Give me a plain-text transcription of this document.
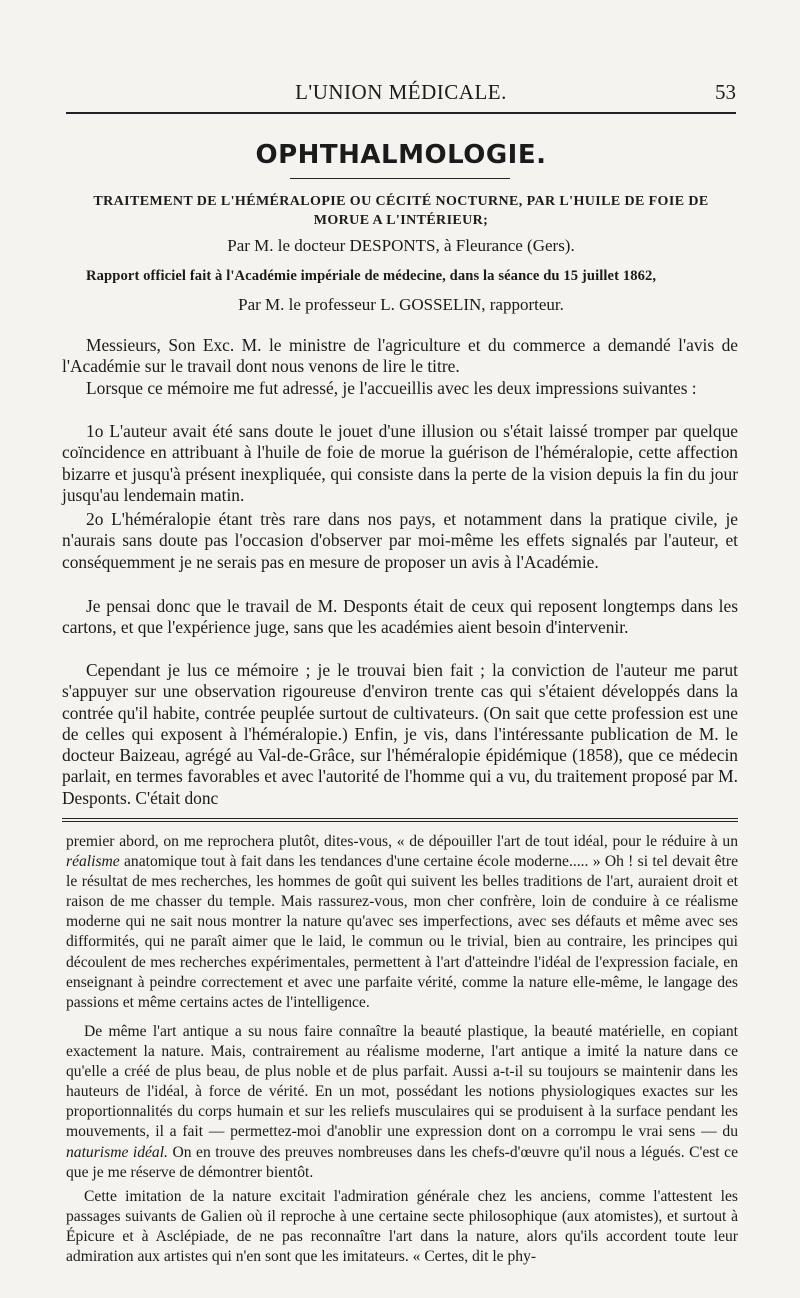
L'UNION MÉDICALE.	53
OPHTHALMOLOGIE.
TRAITEMENT DE L'HÉMÉRALOPIE OU CÉCITÉ NOCTURNE, PAR L'HUILE DE FOIE DE MORUE A L'INTÉRIEUR;
Par M. le docteur DESPONTS, à Fleurance (Gers).
Rapport officiel fait à l'Académie impériale de médecine, dans la séance du 15 juillet 1862,
Par M. le professeur L. GOSSELIN, rapporteur.

Messieurs, Son Exc. M. le ministre de l'agriculture et du commerce a demandé l'avis de l'Académie sur le travail dont nous venons de lire le titre.

Lorsque ce mémoire me fut adressé, je l'accueillis avec les deux impressions suivantes :

1o L'auteur avait été sans doute le jouet d'une illusion ou s'était laissé tromper par quelque coïncidence en attribuant à l'huile de foie de morue la guérison de l'héméralopie, cette affection bizarre et jusqu'à présent inexpliquée, qui consiste dans la perte de la vision depuis la fin du jour jusqu'au lendemain matin.

2o L'héméralopie étant très rare dans nos pays, et notamment dans la pratique civile, je n'aurais sans doute pas l'occasion d'observer par moi-même les effets signalés par l'auteur, et conséquemment je ne serais pas en mesure de proposer un avis à l'Académie.

Je pensai donc que le travail de M. Desponts était de ceux qui reposent longtemps dans les cartons, et que l'expérience juge, sans que les académies aient besoin d'intervenir.

Cependant je lus ce mémoire ; je le trouvai bien fait ; la conviction de l'auteur me parut s'appuyer sur une observation rigoureuse d'environ trente cas qui s'étaient développés dans la contrée qu'il habite, contrée peuplée surtout de cultivateurs. (On sait que cette profession est une de celles qui exposent à l'héméralopie.) Enfin, je vis, dans l'intéressante publication de M. le docteur Baizeau, agrégé au Val-de-Grâce, sur l'héméralopie épidémique (1858), que ce médecin parlait, en termes favorables et avec l'autorité de l'homme qui a vu, du traitement proposé par M. Desponts. C'était donc

premier abord, on me reprochera plutôt, dites-vous, « de dépouiller l'art de tout idéal, pour le réduire à un réalisme anatomique tout à fait dans les tendances d'une certaine école moderne..... » Oh ! si tel devait être le résultat de mes recherches, les hommes de goût qui suivent les belles traditions de l'art, auraient droit et raison de me chasser du temple. Mais rassurez-vous, mon cher confrère, loin de conduire à ce réalisme moderne qui ne sait nous montrer la nature qu'avec ses imperfections, avec ses défauts et même avec ses difformités, qui ne paraît aimer que le laid, le commun ou le trivial, bien au contraire, les principes qui découlent de mes recherches expérimentales, permettent à l'art d'atteindre l'idéal de l'expression faciale, en enseignant à peindre correctement et avec une parfaite vérité, comme la nature elle-même, le langage des passions et même certains actes de l'intelligence.

De même l'art antique a su nous faire connaître la beauté plastique, la beauté matérielle, en copiant exactement la nature. Mais, contrairement au réalisme moderne, l'art antique a imité la nature dans ce qu'elle a créé de plus beau, de plus noble et de plus parfait. Aussi a-t-il su toujours se maintenir dans les hauteurs de l'idéal, à force de vérité. En un mot, possédant les notions physiologiques exactes sur les proportionnalités du corps humain et sur les reliefs musculaires qui se produisent à la surface pendant les mouvements, il a fait — permettez-moi d'anoblir une expression dont on a corrompu le vrai sens — du naturisme idéal. On en trouve des preuves nombreuses dans les chefs-d'œuvre qu'il nous a légués. C'est ce que je me réserve de démontrer bientôt.

Cette imitation de la nature excitait l'admiration générale chez les anciens, comme l'attestent les passages suivants de Galien où il reproche à une certaine secte philosophique (aux atomistes), et surtout à Épicure et à Asclépiade, de ne pas reconnaître l'art dans la nature, alors qu'ils accordent toute leur admiration aux artistes qui n'en sont que les imitateurs. « Certes, dit le phy-
